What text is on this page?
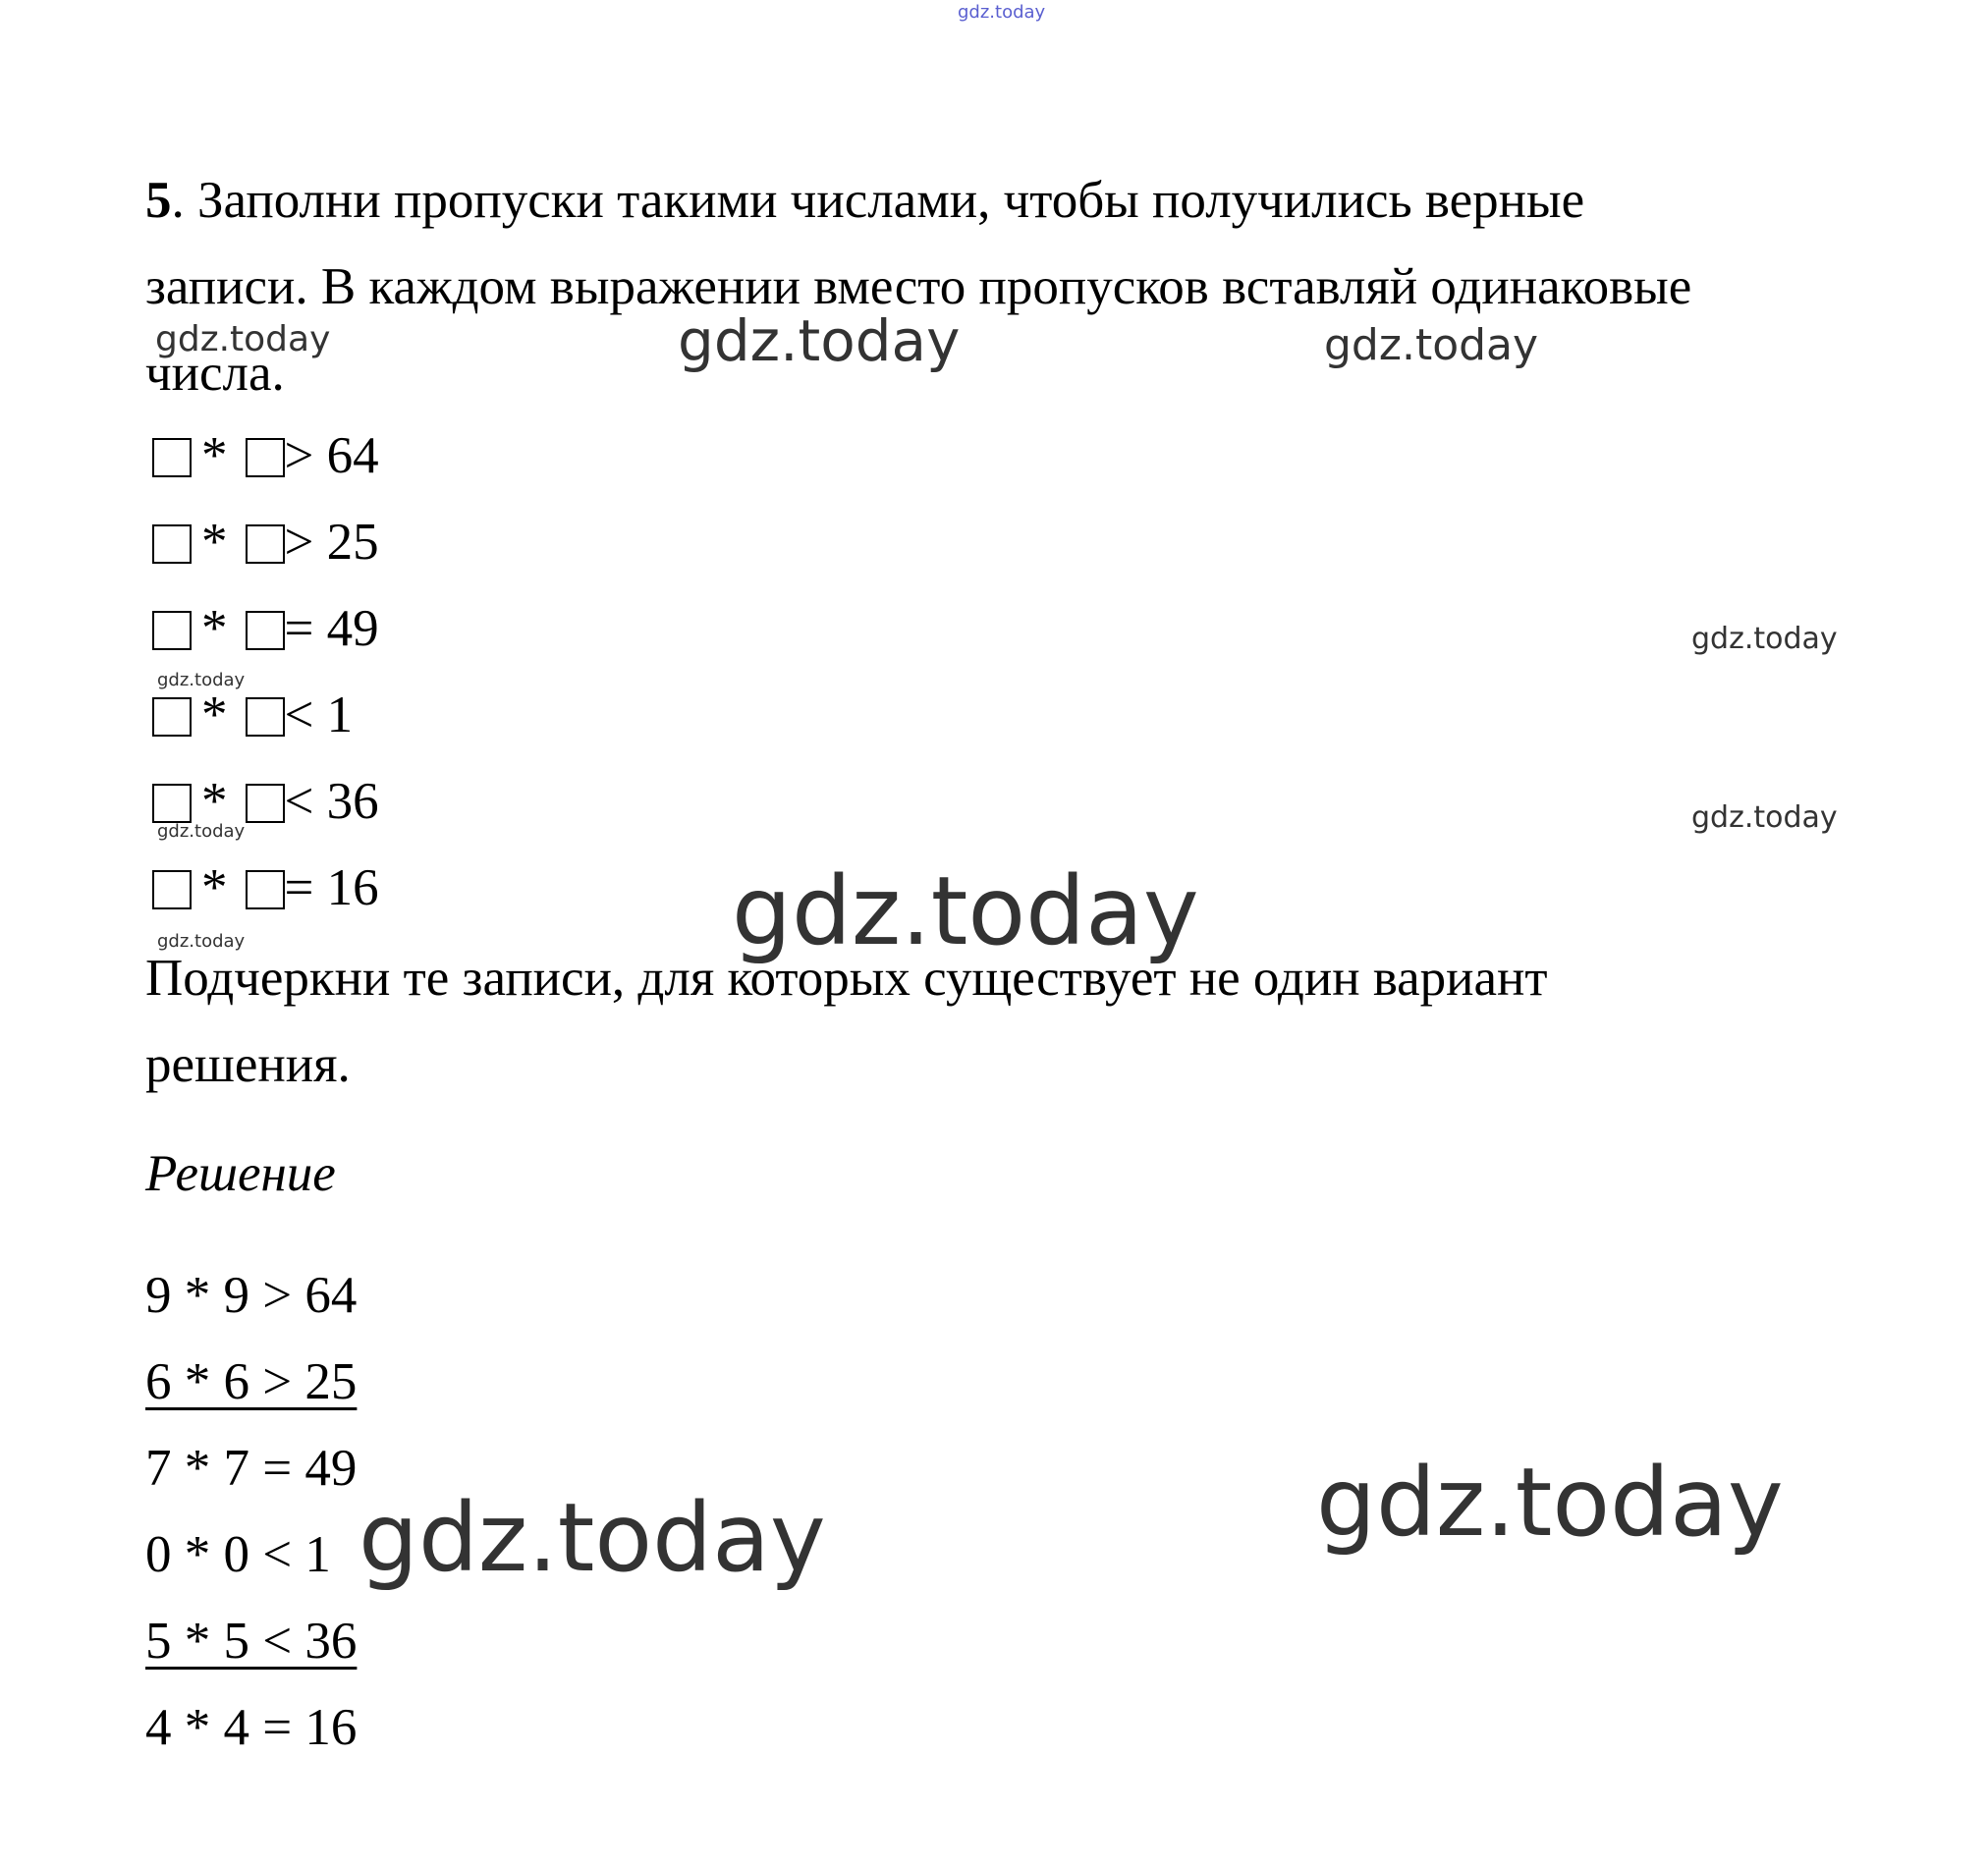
gdz.today

5. Заполни пропуски такими числами, чтобы получились верные

записи. В каждом выражении вместо пропусков вставляй одинаковые

числа.

* > 64
* > 25
* = 49
* < 1
* < 36
* = 16

Подчеркни те записи, для которых существует не один вариант

решения.

Решение
9 * 9 > 64
6 * 6 > 25
7 * 7 = 49
0 * 0 < 1
5 * 5 < 36
4 * 4 = 16
gdz.today	gdz.today	gdz.today
gdz.today
gdz.today
gdz.today
gdz.today
gdz.today
gdz.today
gdz.today	gdz.today
